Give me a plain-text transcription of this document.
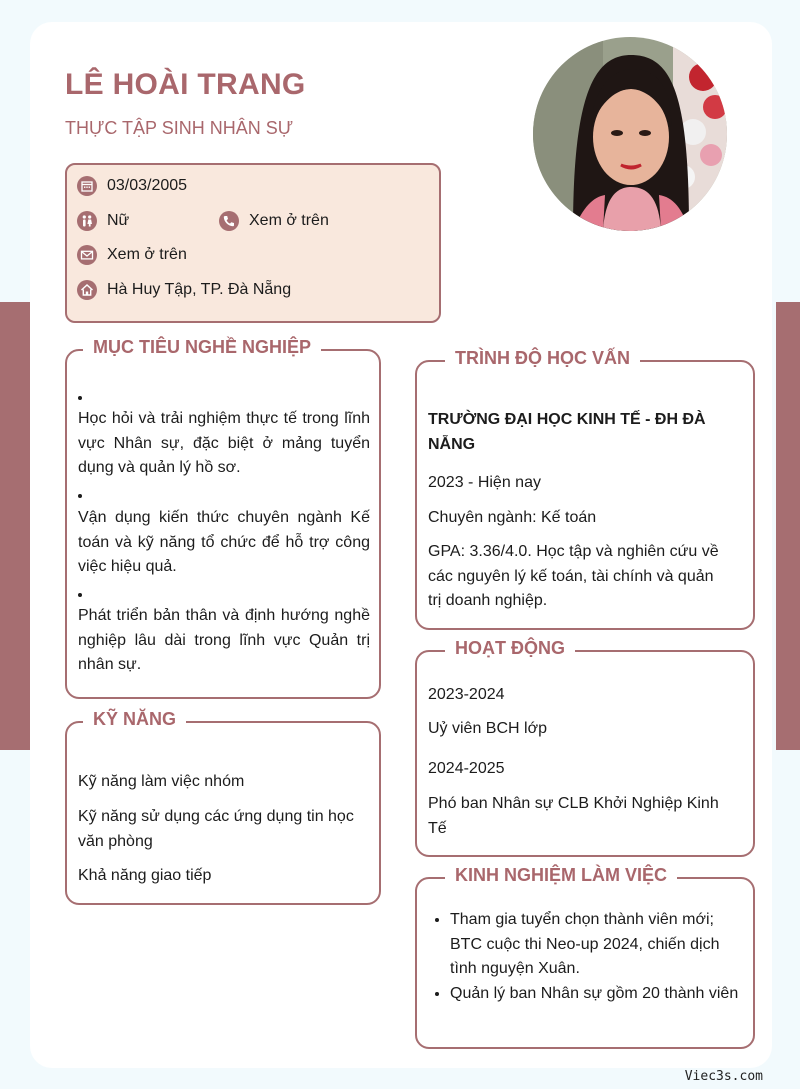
LÊ HOÀI TRANG
THỰC TẬP SINH NHÂN SỰ
03/03/2005
Nữ	Xem ở trên
Xem ở trên
Hà Huy Tập, TP. Đà Nẵng
MỤC TIÊU NGHỀ NGHIỆP
Học hỏi và trải nghiệm thực tế trong lĩnh vực Nhân sự, đặc biệt ở mảng tuyển dụng và quản lý hồ sơ.
Vận dụng kiến thức chuyên ngành Kế toán và kỹ năng tổ chức để hỗ trợ công việc hiệu quả.
Phát triển bản thân và định hướng nghề nghiệp lâu dài trong lĩnh vực Quản trị nhân sự.
KỸ NĂNG
Kỹ năng làm việc nhóm
Kỹ năng sử dụng các ứng dụng tin học văn phòng
Khả năng giao tiếp
TRÌNH ĐỘ HỌC VẤN
TRƯỜNG ĐẠI HỌC KINH TẾ - ĐH ĐÀ NẴNG
2023 - Hiện nay
Chuyên ngành: Kế toán
GPA: 3.36/4.0. Học tập và nghiên cứu về các nguyên lý kế toán, tài chính và quản trị doanh nghiệp.
HOẠT ĐỘNG
2023-2024
Uỷ viên BCH lớp
2024-2025
Phó ban Nhân sự CLB Khởi Nghiệp Kinh Tế
KINH NGHIỆM LÀM VIỆC
• Tham gia tuyển chọn thành viên mới; BTC cuộc thi Neo-up 2024, chiến dịch tình nguyện Xuân.
• Quản lý ban Nhân sự gồm 20 thành viên
Viec3s.com
